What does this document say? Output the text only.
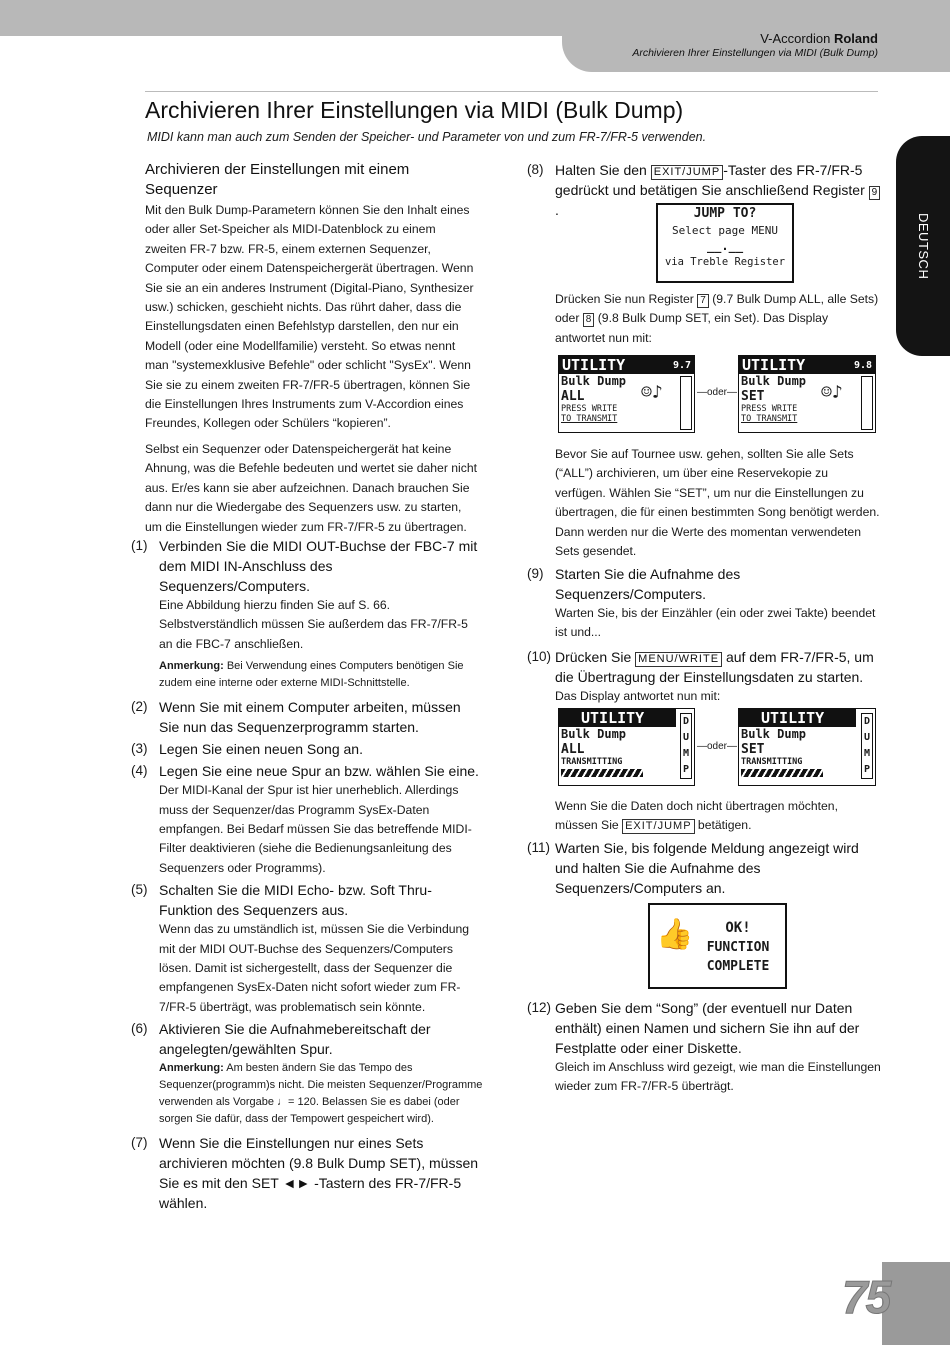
V-Accordion Roland
Archivieren Ihrer Einstellungen via MIDI (Bulk Dump)
Archivieren Ihrer Einstellungen via MIDI (Bulk Dump)
MIDI kann man auch zum Senden der Speicher- und Parameter von und zum FR-7/FR-5 verwenden.
DEUTSCH
Archivieren der Einstellungen mit einem Sequenzer

Mit den Bulk Dump-Parametern können Sie den Inhalt eines oder aller Set-Speicher als MIDI-Datenblock zu einem zweiten FR-7 bzw. FR-5, einem externen Sequenzer, Computer oder einem Datenspeichergerät übertragen. Wenn Sie sie an ein anderes Instrument (Digital-Piano, Synthesizer usw.) schicken, geschieht nichts. Das rührt daher, dass die Einstellungsdaten einen Befehlstyp darstellen, den nur ein Modell (oder eine Modellfamilie) versteht. So etwas nennt man "systemexklusive Befehle" oder schlicht "SysEx". Wenn Sie sie zu einem zweiten FR-7/FR-5 übertragen, können Sie die Einstellungen Ihres Instruments zum V-Accordion eines Freundes, Kollegen oder Schülers “kopieren”.

Selbst ein Sequenzer oder Datenspeichergerät hat keine Ahnung, was die Befehle bedeuten und wertet sie daher nicht aus. Er/es kann sie aber aufzeichnen. Danach brauchen Sie dann nur die Wiedergabe des Sequenzers usw. zu starten, um die Einstellungen wieder zum FR-7/FR-5 zu übertragen.

(1) Verbinden Sie die MIDI OUT-Buchse der FBC-7 mit dem MIDI IN-Anschluss des Sequenzers/Computers.
Eine Abbildung hierzu finden Sie auf S. 66. Selbstverständlich müssen Sie außerdem das FR-7/FR-5 an die FBC-7 anschließen.
Anmerkung: Bei Verwendung eines Computers benötigen Sie zudem eine interne oder externe MIDI-Schnittstelle.
(2) Wenn Sie mit einem Computer arbeiten, müssen Sie nun das Sequenzerprogramm starten.
(3) Legen Sie einen neuen Song an.
(4) Legen Sie eine neue Spur an bzw. wählen Sie eine.
Der MIDI-Kanal der Spur ist hier unerheblich. Allerdings muss der Sequenzer/das Programm SysEx-Daten empfangen. Bei Bedarf müssen Sie das betreffende MIDI-Filter deaktivieren (siehe die Bedienungsanleitung des Sequenzers oder Programms).
(5) Schalten Sie die MIDI Echo- bzw. Soft Thru-Funktion des Sequenzers aus.
Wenn das zu umständlich ist, müssen Sie die Verbindung mit der MIDI OUT-Buchse des Sequenzers/Computers lösen. Damit ist sichergestellt, dass der Sequenzer die empfangenen SysEx-Daten nicht sofort wieder zum FR-7/FR-5 überträgt, was problematisch sein könnte.
(6) Aktivieren Sie die Aufnahmebereitschaft der angelegten/gewählten Spur.
Anmerkung: Am besten ändern Sie das Tempo des Sequenzer(programm)s nicht. Die meisten Sequenzer/Programme verwenden als Vorgabe ♩= 120. Belassen Sie es dabei (oder sorgen Sie dafür, dass der Tempowert gespeichert wird).
(7) Wenn Sie die Einstellungen nur eines Sets archivieren möchten (9.8 Bulk Dump SET), müssen Sie es mit den SET ◄► -Tastern des FR-7/FR-5 wählen.
(8) Halten Sie den EXIT/JUMP -Taster des FR-7/FR-5 gedrückt und betätigen Sie anschließend Register 9.	JUMP TO?
Select page MENU
__.__
via Treble Register
Drücken Sie nun Register 7 (9.7 Bulk Dump ALL, alle Sets) oder 8 (9.8 Bulk Dump SET, ein Set). Das Display antwortet nun mit:
UTILITY	9.7
Bulk Dump
ALL
PRESS WRITE
TO TRANSMIT
☺♪	—oder—
UTILITY	9.8
Bulk Dump
SET
PRESS WRITE
TO TRANSMIT
☺♪
Bevor Sie auf Tournee usw. gehen, sollten Sie alle Sets (“ALL”) archivieren, um über eine Reservekopie zu verfügen. Wählen Sie “SET”, um nur die Einstellungen zu übertragen, die für einen bestimmten Song benötigt werden. Dann werden nur die Werte des momentan verwendeten Sets gesendet.
(9) Starten Sie die Aufnahme des Sequenzers/Computers.
Warten Sie, bis der Einzähler (ein oder zwei Takte) beendet ist und...
(10) Drücken Sie MENU/WRITE auf dem FR-7/FR-5, um die Übertragung der Einstellungsdaten zu starten.
Das Display antwortet nun mit:
UTILITY
Bulk Dump
ALL
TRANSMITTING
DUMP
—oder—
UTILITY
Bulk Dump
SET
TRANSMITTING
DUMP
Wenn Sie die Daten doch nicht übertragen möchten, müssen Sie EXIT/JUMP betätigen.
(11) Warten Sie, bis folgende Meldung angezeigt wird und halten Sie die Aufnahme des Sequenzers/Computers an.
👍	OK!
FUNCTION
COMPLETE
(12) Geben Sie dem “Song” (der eventuell nur Daten enthält) einen Namen und sichern Sie ihn auf der Festplatte oder einer Diskette.
Gleich im Anschluss wird gezeigt, wie man die Einstellungen wieder zum FR-7/FR-5 überträgt.
75
